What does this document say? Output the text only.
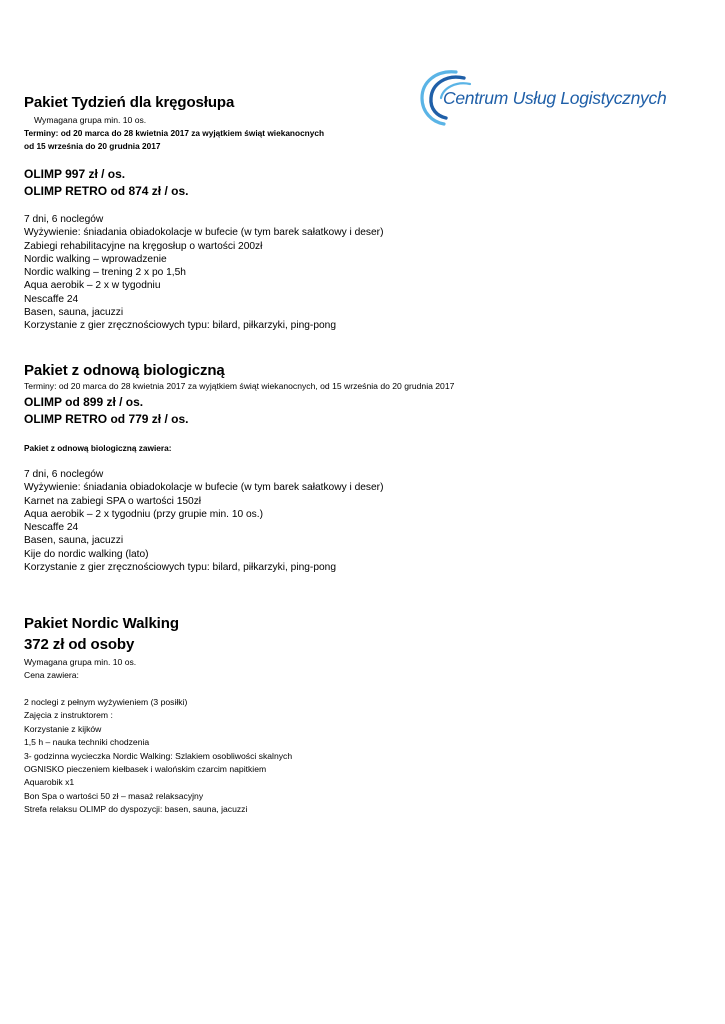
Centrum Usług Logistycznych
Pakiet Tydzień dla kręgosłupa
Wymagana grupa min. 10 os.
Terminy: od 20 marca do 28 kwietnia 2017 za wyjątkiem świąt wiekanocnych
od 15 września do 20 grudnia 2017
OLIMP 997 zł / os.
OLIMP RETRO od 874 zł / os.
7 dni, 6 noclegów
Wyżywienie: śniadania obiadokolacje w bufecie (w tym barek sałatkowy i deser)
Zabiegi rehabilitacyjne na kręgosłup o wartości 200zł
Nordic walking – wprowadzenie
Nordic walking – trening 2 x po 1,5h
Aqua aerobik – 2 x w tygodniu
Nescaffe 24
Basen, sauna, jacuzzi
Korzystanie z gier zręcznościowych typu: bilard, piłkarzyki, ping-pong
Pakiet z odnową biologiczną
Terminy: od 20 marca do 28 kwietnia 2017 za wyjątkiem świąt wiekanocnych, od 15 września do 20 grudnia 2017
OLIMP od 899 zł / os.
OLIMP RETRO od 779 zł / os.
Pakiet z odnową biologiczną zawiera:
7 dni, 6 noclegów
Wyżywienie: śniadania obiadokolacje w bufecie (w tym barek sałatkowy i deser)
Karnet na zabiegi SPA o wartości 150zł
Aqua aerobik – 2 x tygodniu (przy grupie min. 10 os.)
Nescaffe 24
Basen, sauna, jacuzzi
Kije do nordic walking (lato)
Korzystanie z gier zręcznościowych typu: bilard, piłkarzyki, ping-pong
Pakiet Nordic Walking
372 zł od osoby
Wymagana grupa min. 10 os.
Cena zawiera:
2 noclegi z pełnym wyżywieniem (3 posiłki)
Zajęcia z instruktorem :
Korzystanie z kijków
1,5 h – nauka techniki chodzenia
3- godzinna wycieczka Nordic Walking: Szlakiem osobliwości skalnych
OGNISKO pieczeniem kiełbasek i walońskim czarcim napitkiem
Aquarobik x1
Bon Spa o wartości 50 zł – masaż relaksacyjny
Strefa relaksu OLIMP do dyspozycji: basen, sauna, jacuzzi
